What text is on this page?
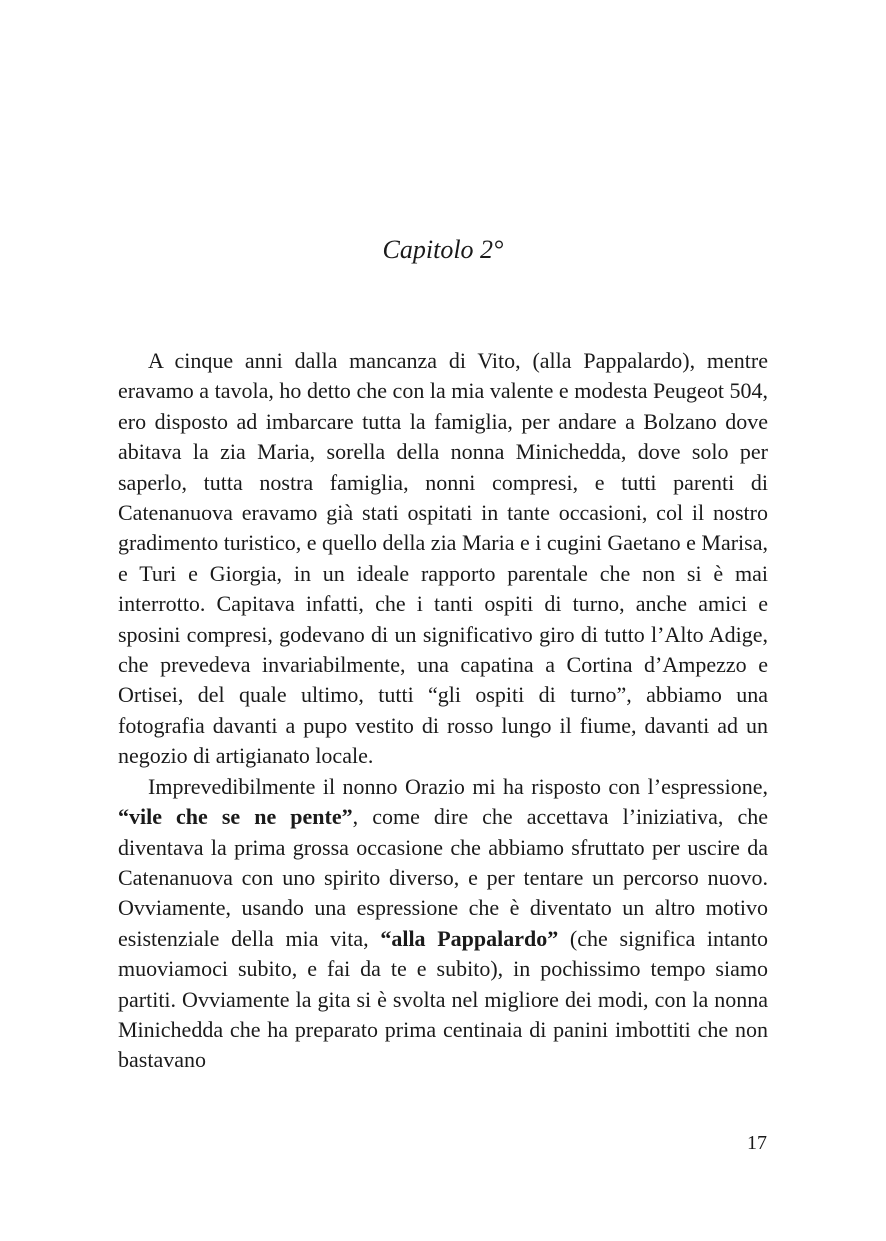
Capitolo 2°

A cinque anni dalla mancanza di Vito, (alla Pappalardo), mentre eravamo a tavola, ho detto che con la mia valente e modesta Peugeot 504, ero disposto ad imbarcare tutta la famiglia, per andare a Bolzano dove abitava la zia Maria, sorella della nonna Minichedda, dove solo per saperlo, tutta nostra famiglia, nonni compresi, e tutti parenti di Catenanuova eravamo già stati ospitati in tante occasioni, col il nostro gradimento turistico, e quello della zia Maria e i cugini Gaetano e Marisa, e Turi e Giorgia, in un ideale rapporto parentale che non si è mai interrotto. Capitava infatti, che i tanti ospiti di turno, anche amici e sposini compresi, godevano di un significativo giro di tutto l’Alto Adige, che prevedeva invariabilmente, una capatina a Cortina d’Ampezzo e Ortisei, del quale ultimo, tutti “gli ospiti di turno”, abbiamo una fotografia davanti a pupo vestito di rosso lungo il fiume, davanti ad un negozio di artigianato locale.

Imprevedibilmente il nonno Orazio mi ha risposto con l’espressione, “vile che se ne pente”, come dire che accettava l’iniziativa, che diventava la prima grossa occasione che abbiamo sfruttato per uscire da Catenanuova con uno spirito diverso, e per tentare un percorso nuovo. Ovviamente, usando una espressione che è diventato un altro motivo esistenziale della mia vita, “alla Pappalardo” (che significa intanto muoviamoci subito, e fai da te e subito), in pochissimo tempo siamo partiti. Ovviamente la gita si è svolta nel migliore dei modi, con la nonna Minichedda che ha preparato prima centinaia di panini imbottiti che non bastavano

17
